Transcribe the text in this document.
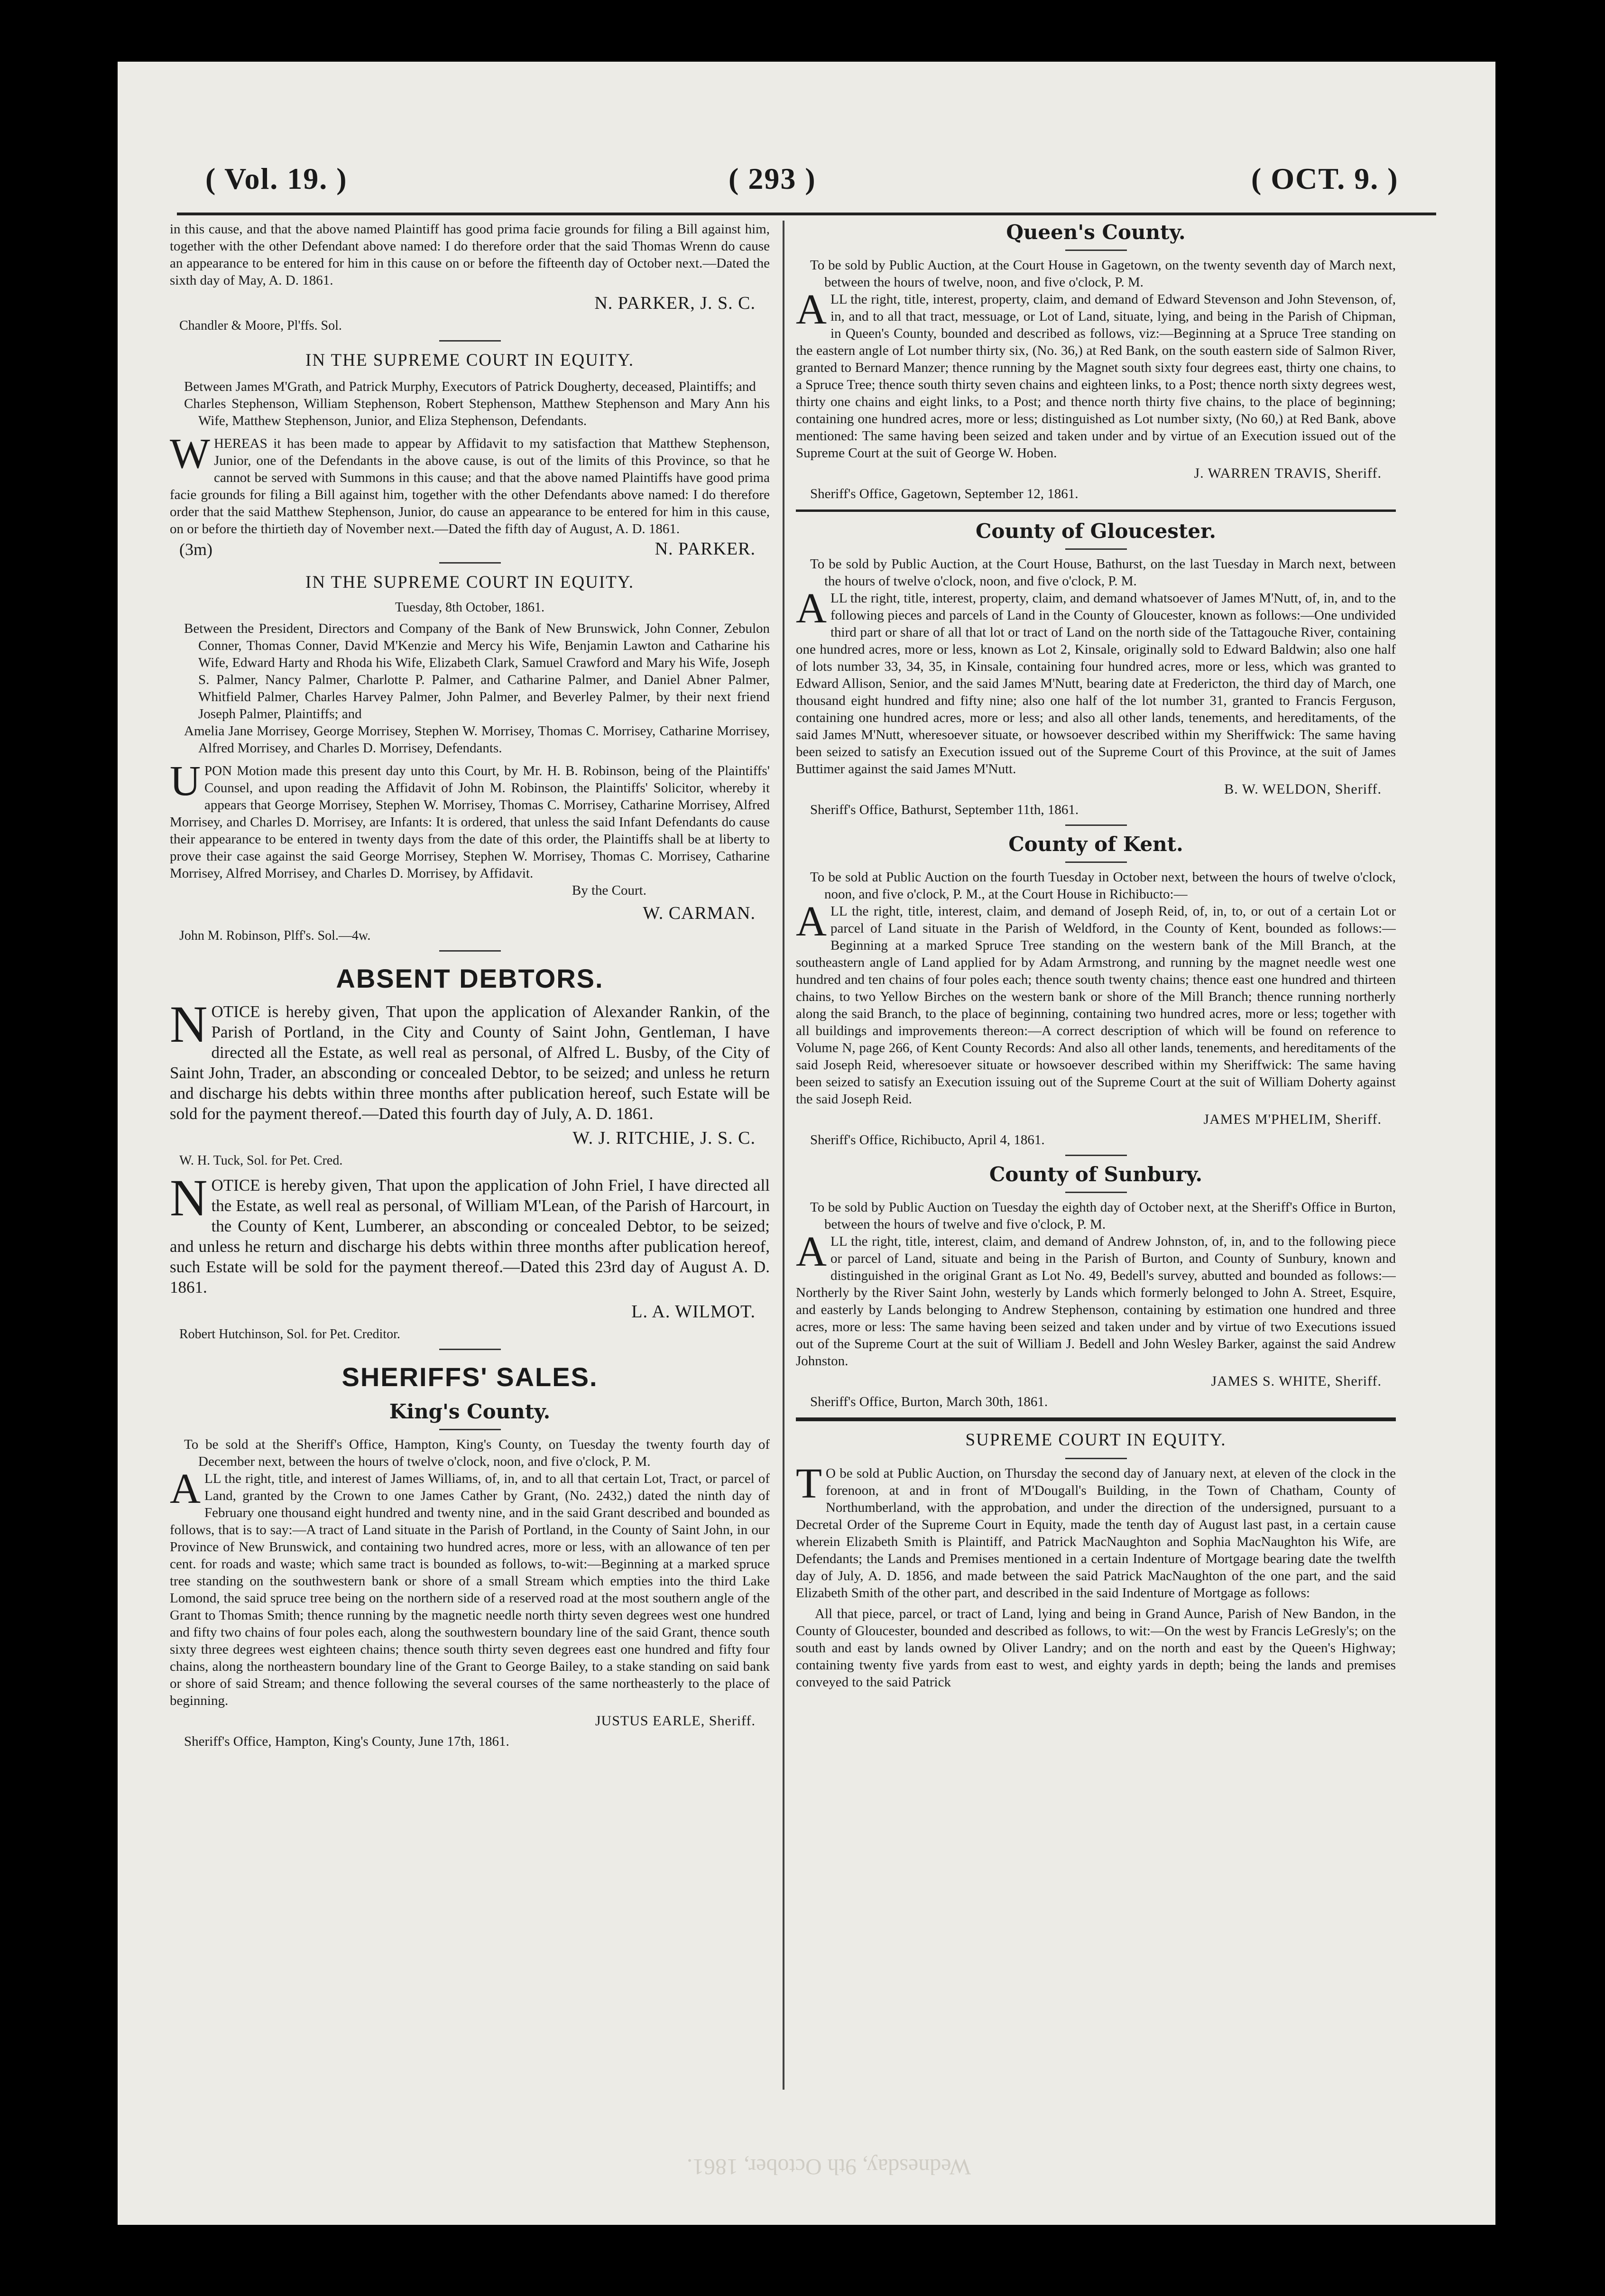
( Vol. 19. )	( 293 )	( OCT. 9. )

in this cause, and that the above named Plaintiff has good prima facie grounds for filing a Bill against him, together with the other Defendant above named: I do therefore order that the said Thomas Wrenn do cause an appearance to be entered for him in this cause on or before the fifteenth day of October next.—Dated the sixth day of May, A. D. 1861.

N. PARKER, J. S. C.

Chandler & Moore, Pl'ffs. Sol.

IN THE SUPREME COURT IN EQUITY.

Between James M'Grath, and Patrick Murphy, Executors of Patrick Dougherty, deceased, Plaintiffs; and

Charles Stephenson, William Stephenson, Robert Stephenson, Matthew Stephenson and Mary Ann his Wife, Matthew Stephenson, Junior, and Eliza Stephenson, Defendants.

WHEREAS it has been made to appear by Affidavit to my satisfaction that Matthew Stephenson, Junior, one of the Defendants in the above cause, is out of the limits of this Province, so that he cannot be served with Summons in this cause; and that the above named Plaintiffs have good prima facie grounds for filing a Bill against him, together with the other Defendants above named: I do therefore order that the said Matthew Stephenson, Junior, do cause an appearance to be entered for him in this cause, on or before the thirtieth day of November next.—Dated the fifth day of August, A. D. 1861.

(3m)	N. PARKER.

IN THE SUPREME COURT IN EQUITY.

Tuesday, 8th October, 1861.

Between the President, Directors and Company of the Bank of New Brunswick, John Conner, Zebulon Conner, Thomas Conner, David M'Kenzie and Mercy his Wife, Benjamin Lawton and Catharine his Wife, Edward Harty and Rhoda his Wife, Elizabeth Clark, Samuel Crawford and Mary his Wife, Joseph S. Palmer, Nancy Palmer, Charlotte P. Palmer, and Catharine Palmer, and Daniel Abner Palmer, Whitfield Palmer, Charles Harvey Palmer, John Palmer, and Beverley Palmer, by their next friend Joseph Palmer, Plaintiffs; and

Amelia Jane Morrisey, George Morrisey, Stephen W. Morrisey, Thomas C. Morrisey, Catharine Morrisey, Alfred Morrisey, and Charles D. Morrisey, Defendants.

UPON Motion made this present day unto this Court, by Mr. H. B. Robinson, being of the Plaintiffs' Counsel, and upon reading the Affidavit of John M. Robinson, the Plaintiffs' Solicitor, whereby it appears that George Morrisey, Stephen W. Morrisey, Thomas C. Morrisey, Catharine Morrisey, Alfred Morrisey, and Charles D. Morrisey, are Infants: It is ordered, that unless the said Infant Defendants do cause their appearance to be entered in twenty days from the date of this order, the Plaintiffs shall be at liberty to prove their case against the said George Morrisey, Stephen W. Morrisey, Thomas C. Morrisey, Catharine Morrisey, Alfred Morrisey, and Charles D. Morrisey, by Affidavit.

By the Court.

W. CARMAN.

John M. Robinson, Plff's. Sol.—4w.

ABSENT DEBTORS.

NOTICE is hereby given, That upon the application of Alexander Rankin, of the Parish of Portland, in the City and County of Saint John, Gentleman, I have directed all the Estate, as well real as personal, of Alfred L. Busby, of the City of Saint John, Trader, an absconding or concealed Debtor, to be seized; and unless he return and discharge his debts within three months after publication hereof, such Estate will be sold for the payment thereof.—Dated this fourth day of July, A. D. 1861.

W. J. RITCHIE, J. S. C.

W. H. Tuck, Sol. for Pet. Cred.

NOTICE is hereby given, That upon the application of John Friel, I have directed all the Estate, as well real as personal, of William M'Lean, of the Parish of Harcourt, in the County of Kent, Lumberer, an absconding or concealed Debtor, to be seized; and unless he return and discharge his debts within three months after publication hereof, such Estate will be sold for the payment thereof.—Dated this 23rd day of August A. D. 1861.

L. A. WILMOT.

Robert Hutchinson, Sol. for Pet. Creditor.

SHERIFFS' SALES.

King's County.

To be sold at the Sheriff's Office, Hampton, King's County, on Tuesday the twenty fourth day of December next, between the hours of twelve o'clock, noon, and five o'clock, P. M.

ALL the right, title, and interest of James Williams, of, in, and to all that certain Lot, Tract, or parcel of Land, granted by the Crown to one James Cather by Grant, (No. 2432,) dated the ninth day of February one thousand eight hundred and twenty nine, and in the said Grant described and bounded as follows, that is to say:—A tract of Land situate in the Parish of Portland, in the County of Saint John, in our Province of New Brunswick, and containing two hundred acres, more or less, with an allowance of ten per cent. for roads and waste; which same tract is bounded as follows, to-wit:—Beginning at a marked spruce tree standing on the southwestern bank or shore of a small Stream which empties into the third Lake Lomond, the said spruce tree being on the northern side of a reserved road at the most southern angle of the Grant to Thomas Smith; thence running by the magnetic needle north thirty seven degrees west one hundred and fifty two chains of four poles each, along the southwestern boundary line of the said Grant, thence south sixty three degrees west eighteen chains; thence south thirty seven degrees east one hundred and fifty four chains, along the northeastern boundary line of the Grant to George Bailey, to a stake standing on said bank or shore of said Stream; and thence following the several courses of the same northeasterly to the place of beginning.

JUSTUS EARLE, Sheriff.

Sheriff's Office, Hampton, King's County, June 17th, 1861.

Queen's County.

To be sold by Public Auction, at the Court House in Gagetown, on the twenty seventh day of March next, between the hours of twelve, noon, and five o'clock, P. M.

ALL the right, title, interest, property, claim, and demand of Edward Stevenson and John Stevenson, of, in, and to all that tract, messuage, or Lot of Land, situate, lying, and being in the Parish of Chipman, in Queen's County, bounded and described as follows, viz:—Beginning at a Spruce Tree standing on the eastern angle of Lot number thirty six, (No. 36,) at Red Bank, on the south eastern side of Salmon River, granted to Bernard Manzer; thence running by the Magnet south sixty four degrees east, thirty one chains, to a Spruce Tree; thence south thirty seven chains and eighteen links, to a Post; thence north sixty degrees west, thirty one chains and eight links, to a Post; and thence north thirty five chains, to the place of beginning; containing one hundred acres, more or less; distinguished as Lot number sixty, (No 60,) at Red Bank, above mentioned: The same having been seized and taken under and by virtue of an Execution issued out of the Supreme Court at the suit of George W. Hoben.

J. WARREN TRAVIS, Sheriff.

Sheriff's Office, Gagetown, September 12, 1861.

County of Gloucester.

To be sold by Public Auction, at the Court House, Bathurst, on the last Tuesday in March next, between the hours of twelve o'clock, noon, and five o'clock, P. M.

ALL the right, title, interest, property, claim, and demand whatsoever of James M'Nutt, of, in, and to the following pieces and parcels of Land in the County of Gloucester, known as follows:—One undivided third part or share of all that lot or tract of Land on the north side of the Tattagouche River, containing one hundred acres, more or less, known as Lot 2, Kinsale, originally sold to Edward Baldwin; also one half of lots number 33, 34, 35, in Kinsale, containing four hundred acres, more or less, which was granted to Edward Allison, Senior, and the said James M'Nutt, bearing date at Fredericton, the third day of March, one thousand eight hundred and fifty nine; also one half of the lot number 31, granted to Francis Ferguson, containing one hundred acres, more or less; and also all other lands, tenements, and hereditaments, of the said James M'Nutt, wheresoever situate, or howsoever described within my Sheriffwick: The same having been seized to satisfy an Execution issued out of the Supreme Court of this Province, at the suit of James Buttimer against the said James M'Nutt.

B. W. WELDON, Sheriff.

Sheriff's Office, Bathurst, September 11th, 1861.

County of Kent.

To be sold at Public Auction on the fourth Tuesday in October next, between the hours of twelve o'clock, noon, and five o'clock, P. M., at the Court House in Richibucto:—

ALL the right, title, interest, claim, and demand of Joseph Reid, of, in, to, or out of a certain Lot or parcel of Land situate in the Parish of Weldford, in the County of Kent, bounded as follows:—Beginning at a marked Spruce Tree standing on the western bank of the Mill Branch, at the southeastern angle of Land applied for by Adam Armstrong, and running by the magnet needle west one hundred and ten chains of four poles each; thence south twenty chains; thence east one hundred and thirteen chains, to two Yellow Birches on the western bank or shore of the Mill Branch; thence running northerly along the said Branch, to the place of beginning, containing two hundred acres, more or less; together with all buildings and improvements thereon:—A correct description of which will be found on reference to Volume N, page 266, of Kent County Records: And also all other lands, tenements, and hereditaments of the said Joseph Reid, wheresoever situate or howsoever described within my Sheriffwick: The same having been seized to satisfy an Execution issuing out of the Supreme Court at the suit of William Doherty against the said Joseph Reid.

JAMES M'PHELIM, Sheriff.

Sheriff's Office, Richibucto, April 4, 1861.

County of Sunbury.

To be sold by Public Auction on Tuesday the eighth day of October next, at the Sheriff's Office in Burton, between the hours of twelve and five o'clock, P. M.

ALL the right, title, interest, claim, and demand of Andrew Johnston, of, in, and to the following piece or parcel of Land, situate and being in the Parish of Burton, and County of Sunbury, known and distinguished in the original Grant as Lot No. 49, Bedell's survey, abutted and bounded as follows:—Northerly by the River Saint John, westerly by Lands which formerly belonged to John A. Street, Esquire, and easterly by Lands belonging to Andrew Stephenson, containing by estimation one hundred and three acres, more or less: The same having been seized and taken under and by virtue of two Executions issued out of the Supreme Court at the suit of William J. Bedell and John Wesley Barker, against the said Andrew Johnston.

JAMES S. WHITE, Sheriff.

Sheriff's Office, Burton, March 30th, 1861.

SUPREME COURT IN EQUITY.

T O be sold at Public Auction, on Thursday the second day of January next, at eleven of the clock in the forenoon, at and in front of M'Dougall's Building, in the Town of Chatham, County of Northumberland, with the approbation, and under the direction of the undersigned, pursuant to a Decretal Order of the Supreme Court in Equity, made the tenth day of August last past, in a certain cause wherein Elizabeth Smith is Plaintiff, and Patrick MacNaughton and Sophia MacNaughton his Wife, are Defendants; the Lands and Premises mentioned in a certain Indenture of Mortgage bearing date the twelfth day of July, A. D. 1856, and made between the said Patrick MacNaughton of the one part, and the said Elizabeth Smith of the other part, and described in the said Indenture of Mortgage as follows:

All that piece, parcel, or tract of Land, lying and being in Grand Aunce, Parish of New Bandon, in the County of Gloucester, bounded and described as follows, to wit:—On the west by Francis LeGresly's; on the south and east by lands owned by Oliver Landry; and on the north and east by the Queen's Highway; containing twenty five yards from east to west, and eighty yards in depth; being the lands and premises conveyed to the said Patrick

Wednesday, 9th October, 1861.
